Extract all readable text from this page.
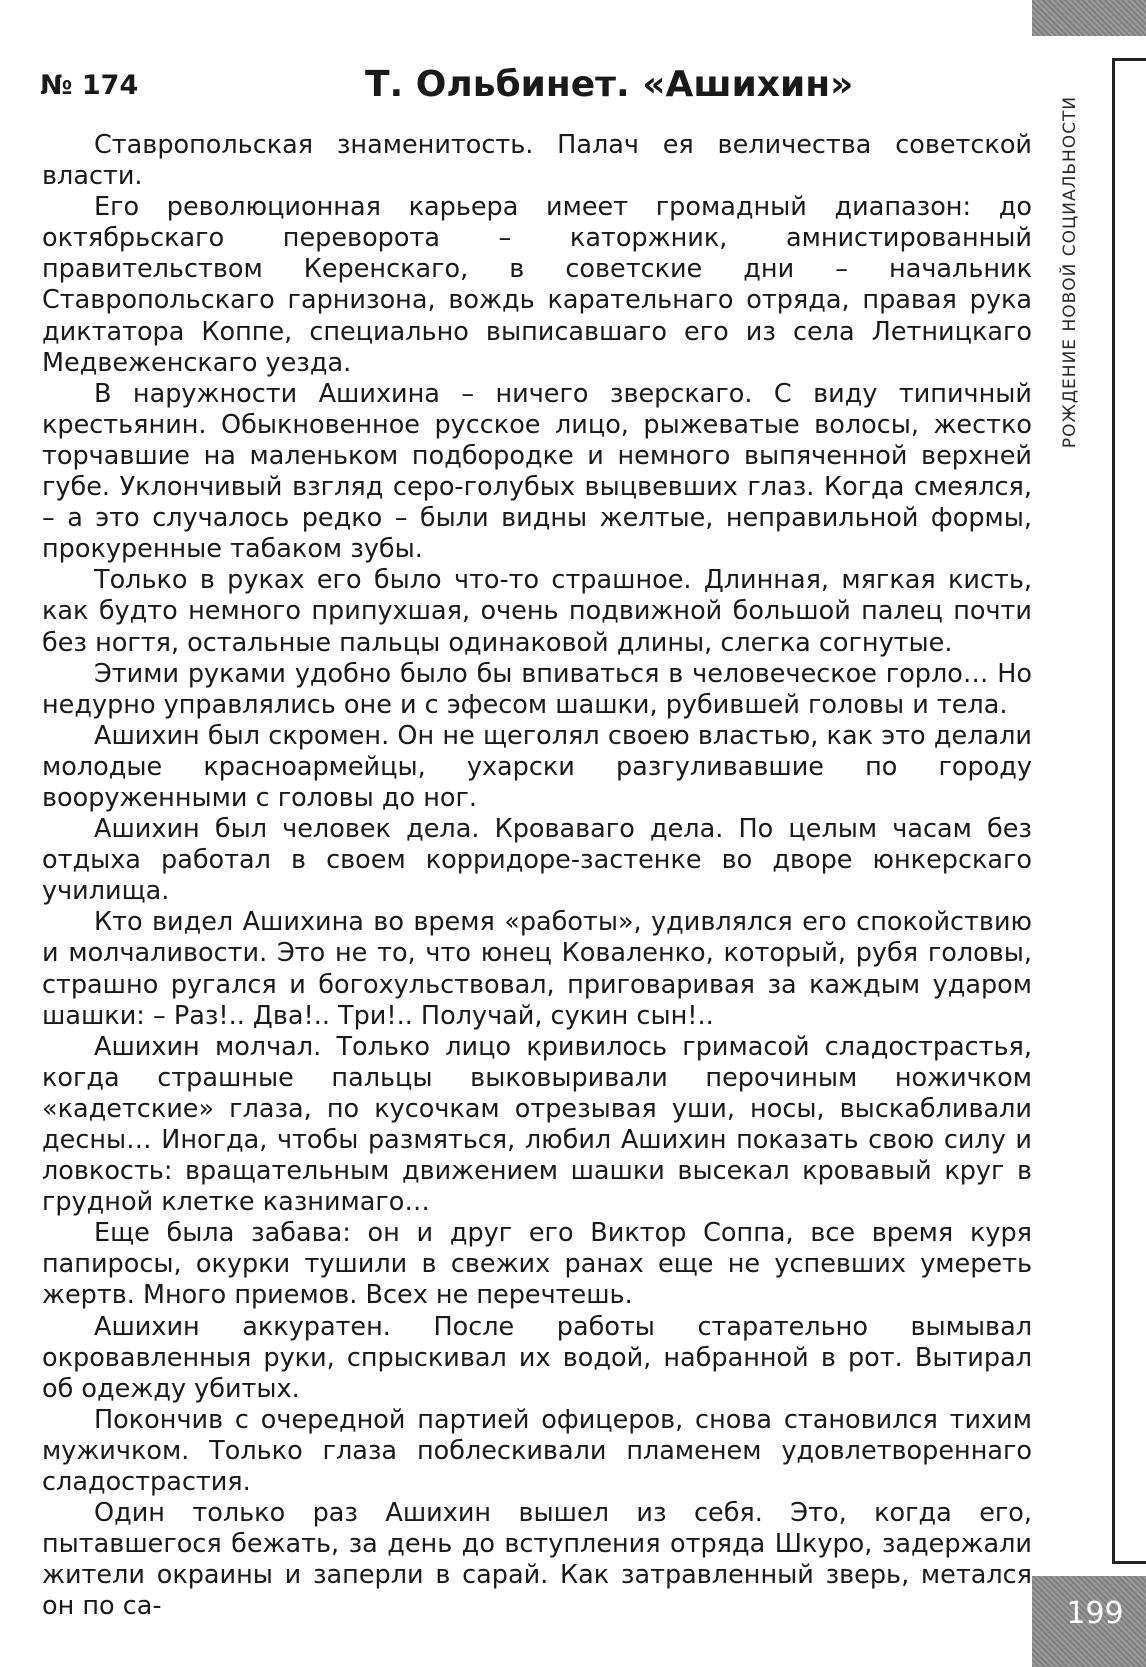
РОЖДЕНИЕ НОВОЙ СОЦИАЛЬНОСТИ
№ 174	Т. Ольбинет. «Ашихин»

Ставропольская знаменитость. Палач ея величества советской власти.

Его революционная карьера имеет громадный диапазон: до октябрьскаго переворота – каторжник, амнистированный правительством Керенскаго, в советские дни – начальник Ставропольскаго гарнизона, вождь карательнаго отряда, правая рука диктатора Коппе, специально выписавшаго его из села Летницкаго Медвеженскаго уезда.

В наружности Ашихина – ничего зверскаго. С виду типичный крестьянин. Обыкновенное русское лицо, рыжеватые волосы, жестко торчавшие на маленьком подбородке и немного выпяченной верхней губе. Уклончивый взгляд серо-голубых выцвевших глаз. Когда смеялся, – а это случалось редко – были видны желтые, неправильной формы, прокуренные табаком зубы.

Только в руках его было что-то страшное. Длинная, мягкая кисть, как будто немного припухшая, очень подвижной большой палец почти без ногтя, остальные пальцы одинаковой длины, слегка согнутые.

Этими руками удобно было бы впиваться в человеческое горло… Но недурно управлялись оне и с эфесом шашки, рубившей головы и тела.

Ашихин был скромен. Он не щеголял своею властью, как это делали молодые красноармейцы, ухарски разгуливавшие по городу вооруженными с головы до ног.

Ашихин был человек дела. Кроваваго дела. По целым часам без отдыха работал в своем корридоре-застенке во дворе юнкерскаго училища.

Кто видел Ашихина во время «работы», удивлялся его спокойствию и молчаливости. Это не то, что юнец Коваленко, который, рубя головы, страшно ругался и богохульствовал, приговаривая за каждым ударом шашки: – Раз!.. Два!.. Три!.. Получай, сукин сын!..

Ашихин молчал. Только лицо кривилось гримасой сладострастья, когда страшные пальцы выковыривали перочиным ножичком «кадетские» глаза, по кусочкам отрезывая уши, носы, выскабливали десны… Иногда, чтобы размяться, любил Ашихин показать свою силу и ловкость: вращательным движением шашки высекал кровавый круг в грудной клетке казнимаго…

Еще была забава: он и друг его Виктор Соппа, все время куря папиросы, окурки тушили в свежих ранах еще не успевших умереть жертв. Много приемов. Всех не перечтешь.

Ашихин аккуратен. После работы старательно вымывал окровавленныя руки, спрыскивал их водой, набранной в рот. Вытирал об одежду убитых.

Покончив с очередной партией офицеров, снова становился тихим мужичком. Только глаза поблескивали пламенем удовлетвореннаго сладострастия.

Один только раз Ашихин вышел из себя. Это, когда его, пытавшегося бежать, за день до вступления отряда Шкуро, задержали жители окраины и заперли в сарай. Как затравленный зверь, метался он по са-	199
